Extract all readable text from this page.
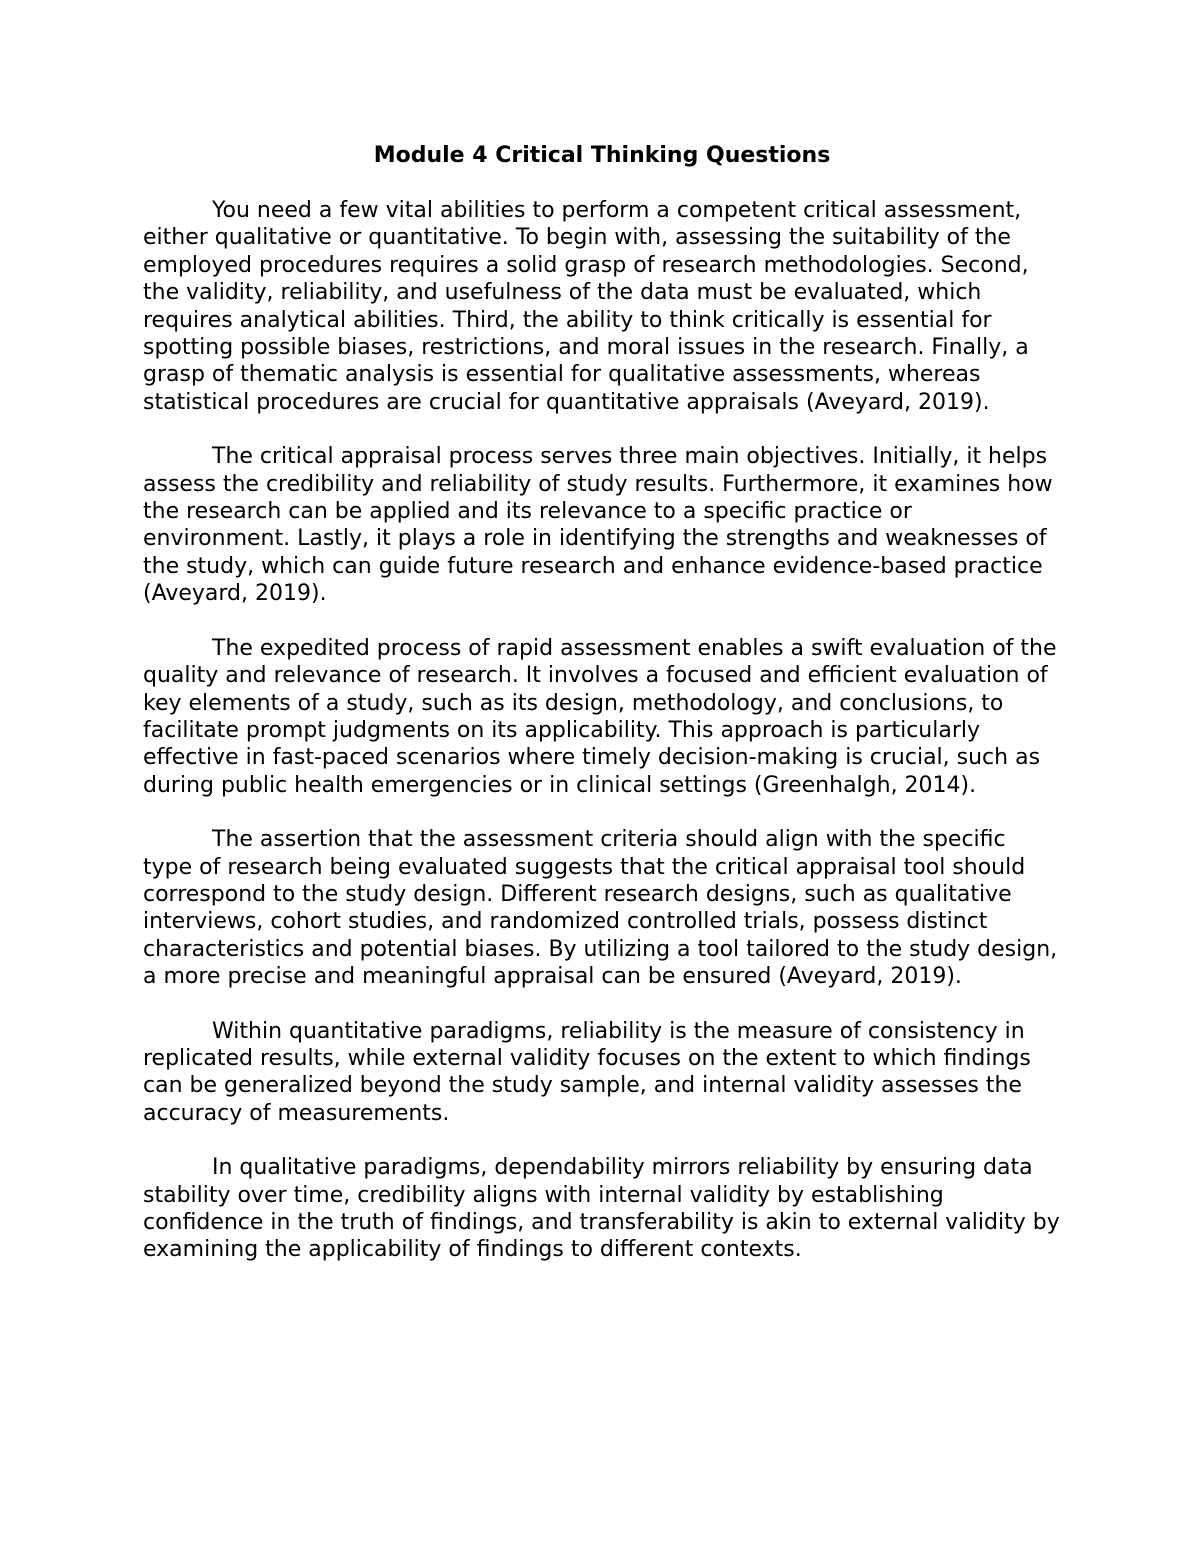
Module 4 Critical Thinking Questions

You need a few vital abilities to perform a competent critical assessment, either qualitative or quantitative. To begin with, assessing the suitability of the employed procedures requires a solid grasp of research methodologies. Second, the validity, reliability, and usefulness of the data must be evaluated, which requires analytical abilities. Third, the ability to think critically is essential for spotting possible biases, restrictions, and moral issues in the research. Finally, a grasp of thematic analysis is essential for qualitative assessments, whereas statistical procedures are crucial for quantitative appraisals (Aveyard, 2019).

The critical appraisal process serves three main objectives. Initially, it helps assess the credibility and reliability of study results. Furthermore, it examines how the research can be applied and its relevance to a specific practice or environment. Lastly, it plays a role in identifying the strengths and weaknesses of the study, which can guide future research and enhance evidence-based practice (Aveyard, 2019).

The expedited process of rapid assessment enables a swift evaluation of the quality and relevance of research. It involves a focused and efficient evaluation of key elements of a study, such as its design, methodology, and conclusions, to facilitate prompt judgments on its applicability. This approach is particularly effective in fast-paced scenarios where timely decision-making is crucial, such as during public health emergencies or in clinical settings (Greenhalgh, 2014).

The assertion that the assessment criteria should align with the specific type of research being evaluated suggests that the critical appraisal tool should correspond to the study design. Different research designs, such as qualitative interviews, cohort studies, and randomized controlled trials, possess distinct characteristics and potential biases. By utilizing a tool tailored to the study design, a more precise and meaningful appraisal can be ensured (Aveyard, 2019).

Within quantitative paradigms, reliability is the measure of consistency in replicated results, while external validity focuses on the extent to which findings can be generalized beyond the study sample, and internal validity assesses the accuracy of measurements.

In qualitative paradigms, dependability mirrors reliability by ensuring data stability over time, credibility aligns with internal validity by establishing confidence in the truth of findings, and transferability is akin to external validity by examining the applicability of findings to different contexts.
